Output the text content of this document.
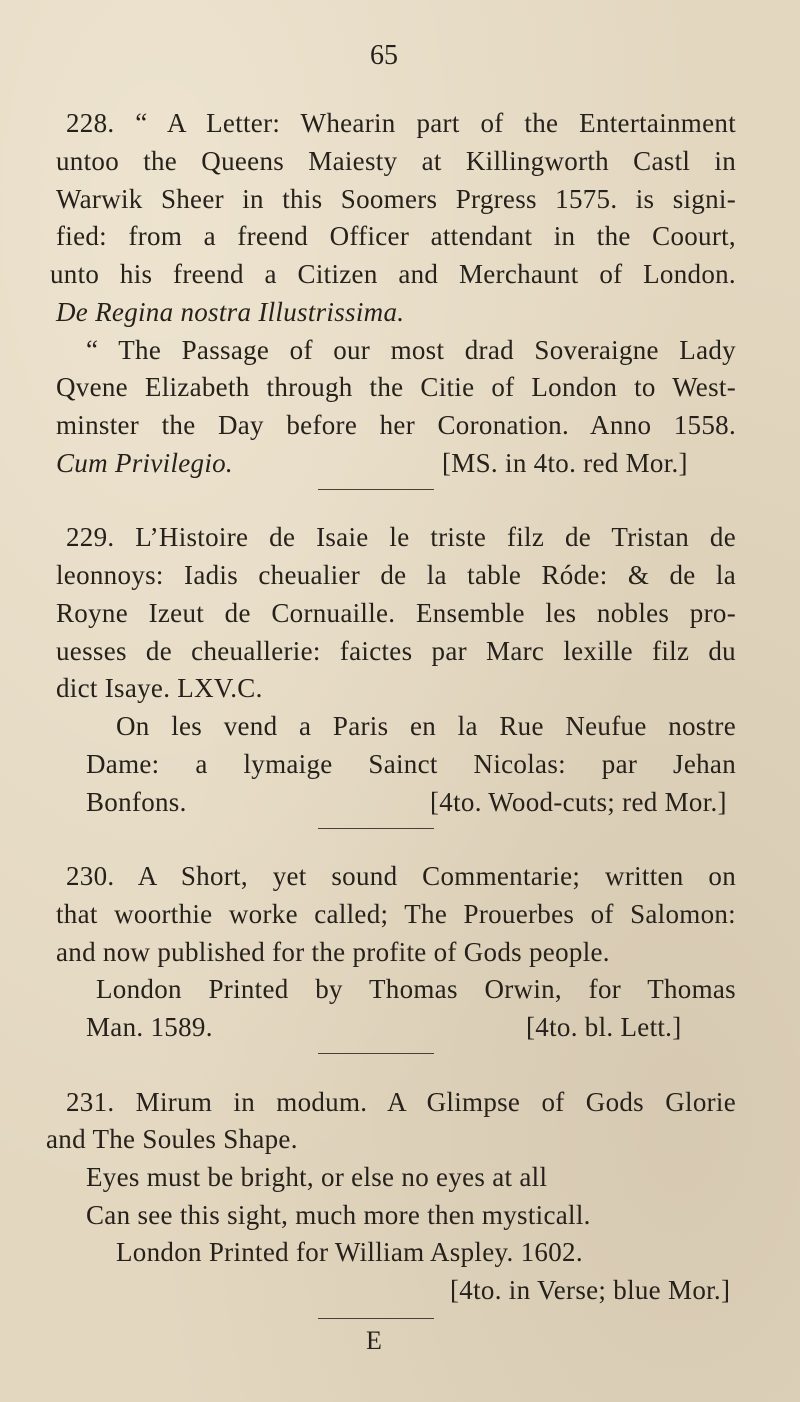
65
228. “ A Letter: Whearin part of the Entertainment
untoo the Queens Maiesty at Killingworth Castl in
Warwik Sheer in this Soomers Prgress 1575. is signi-
fied: from a freend Officer attendant in the Coourt,
unto his freend a Citizen and Merchaunt of London.
De Regina nostra Illustrissima.
“ The Passage of our most drad Soveraigne Lady
Qvene Elizabeth through the Citie of London to West-
minster the Day before her Coronation. Anno 1558.
Cum Privilegio.	[MS. in 4to. red Mor.]
229. L’Histoire de Isaie le triste filz de Tristan de
leonnoys: Iadis cheualier de la table Róde: & de la
Royne Izeut de Cornuaille. Ensemble les nobles pro-
uesses de cheuallerie: faictes par Marc lexille filz du
dict Isaye. LXV.C.
On les vend a Paris en la Rue Neufue nostre
Dame: a lymaige Sainct Nicolas: par Jehan
Bonfons.	[4to. Wood-cuts; red Mor.]
230. A Short, yet sound Commentarie; written on
that woorthie worke called; The Prouerbes of Salomon:
and now published for the profite of Gods people.
London Printed by Thomas Orwin, for Thomas
Man. 1589.	[4to. bl. Lett.]
231. Mirum in modum. A Glimpse of Gods Glorie
and The Soules Shape.
Eyes must be bright, or else no eyes at all
Can see this sight, much more then mysticall.
London Printed for William Aspley. 1602.
[4to. in Verse; blue Mor.]
E
